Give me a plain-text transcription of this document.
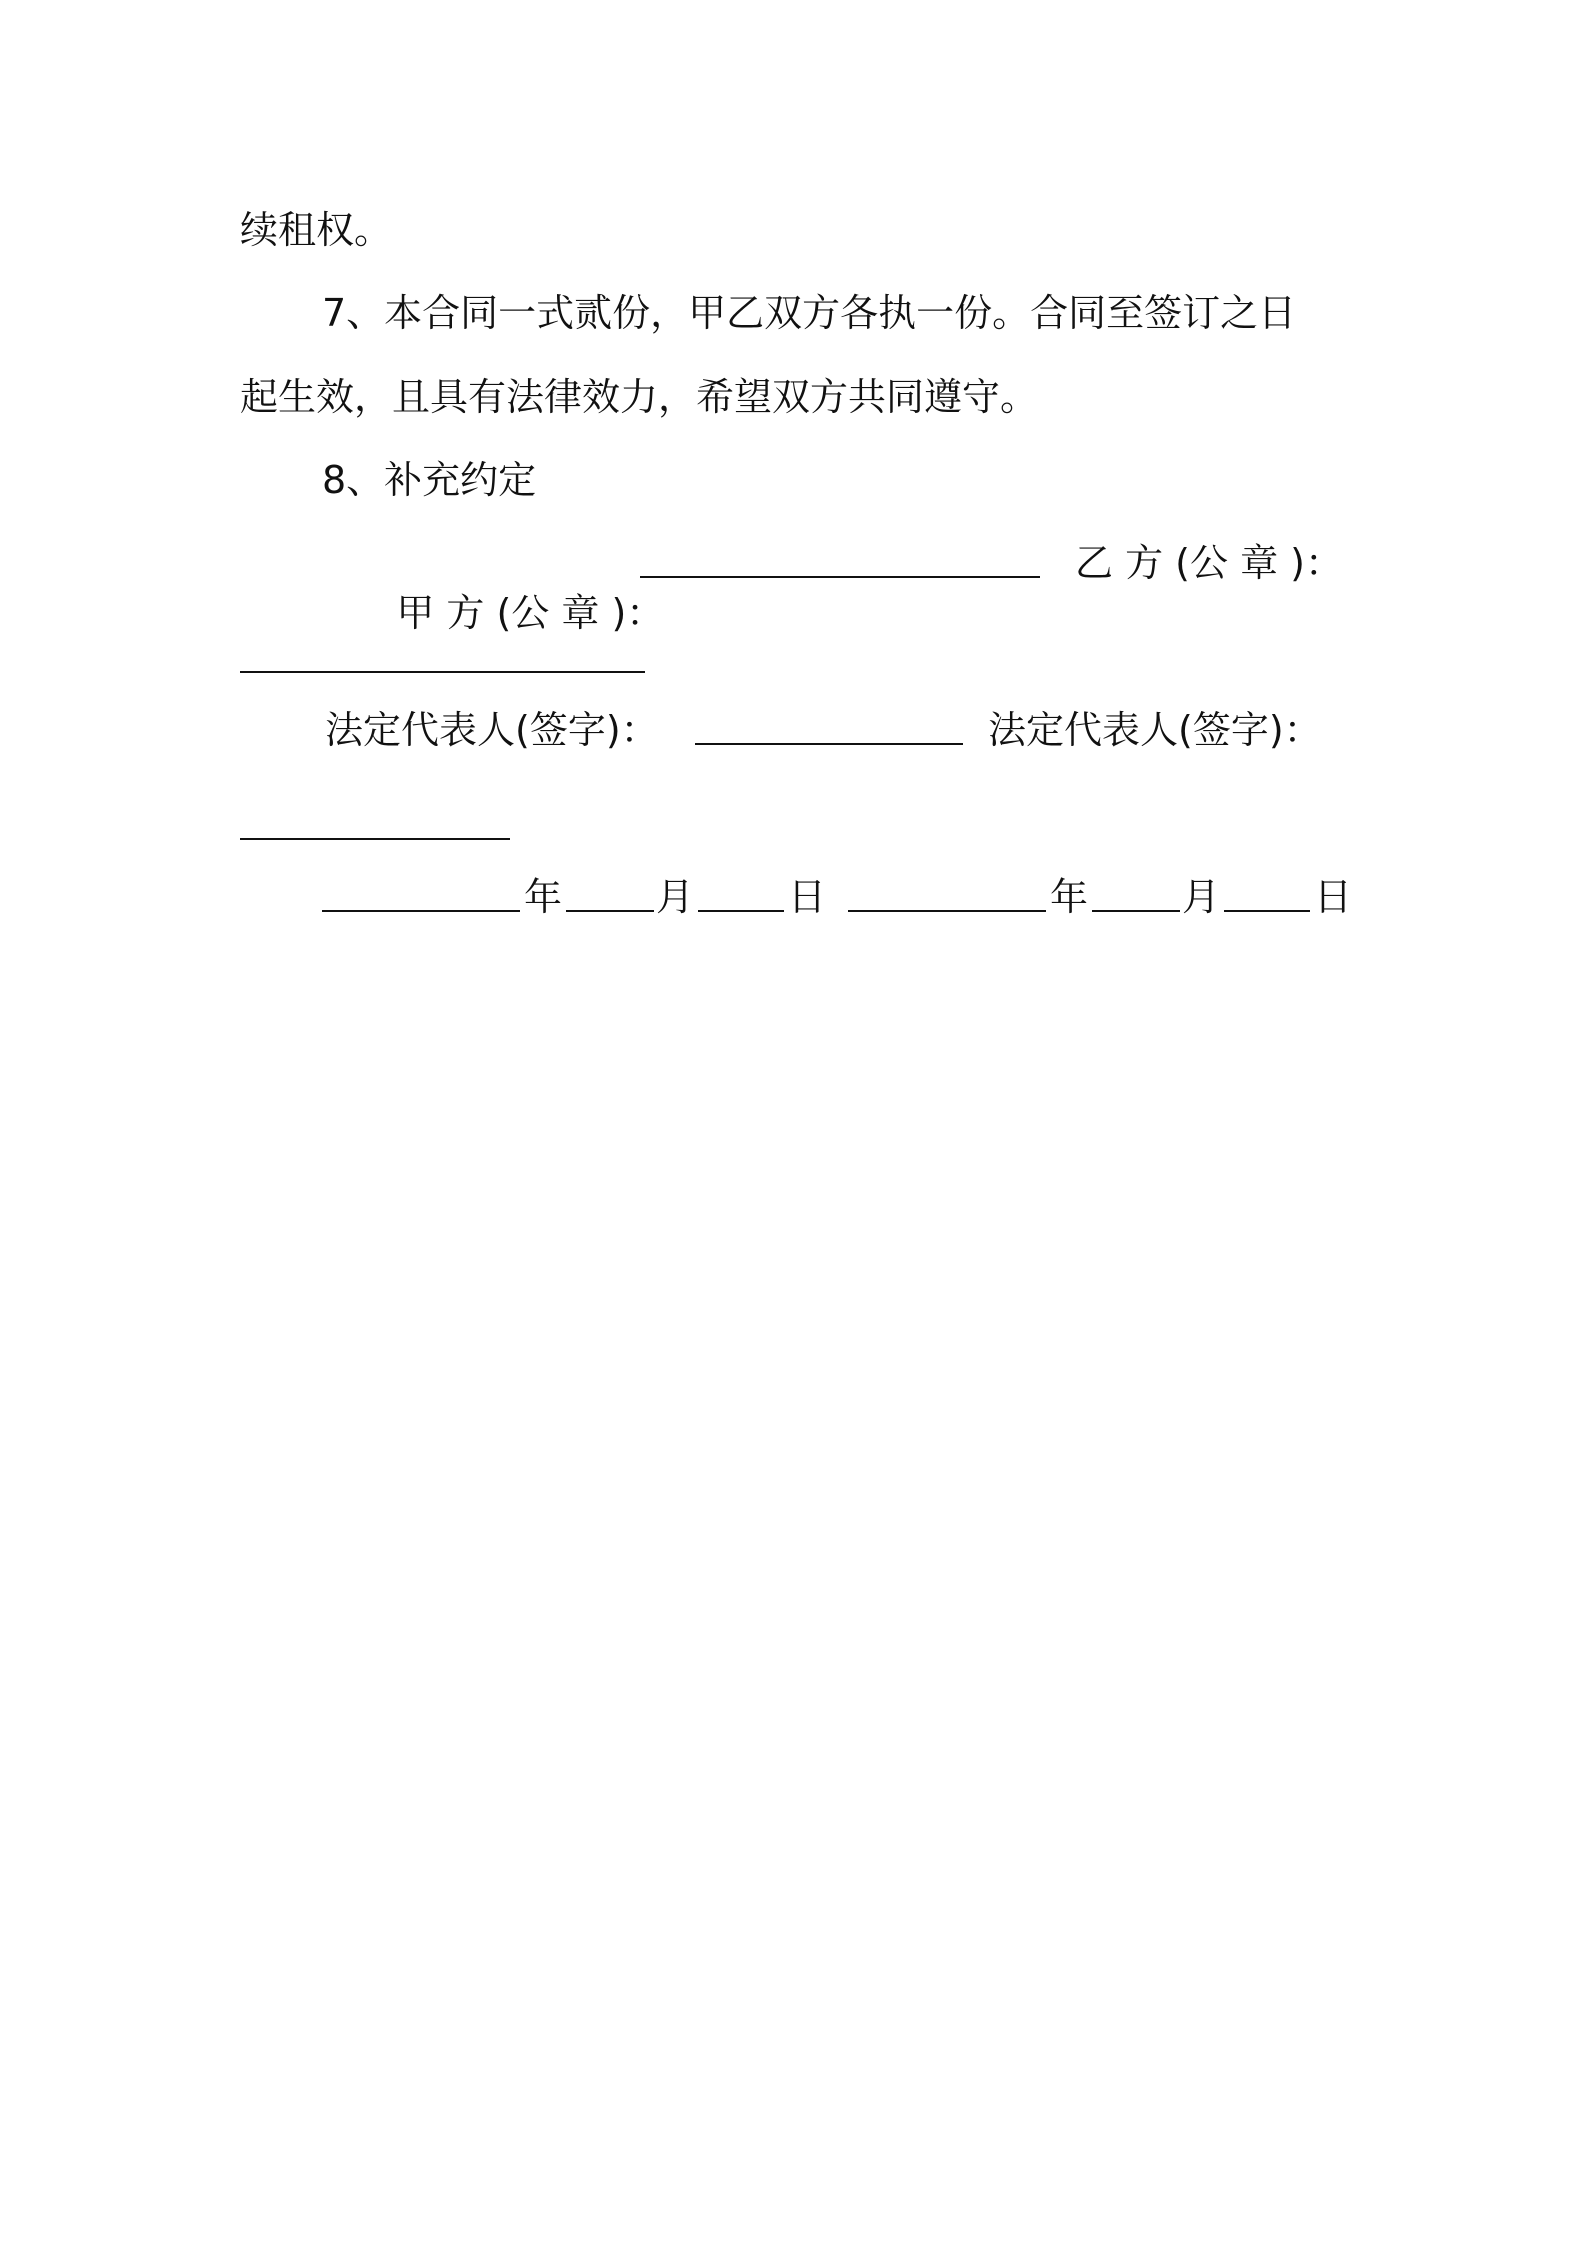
续租权。
7、本合同一式贰份，甲乙双方各执一份。合同至签订之日
起生效，且具有法律效力，希望双方共同遵守。
8、补充约定

甲 方 (公 章 )：

乙 方 (公 章 )：
法定代表人(签字)：	法定代表人(签字)：
年 月 日	年 月 日
